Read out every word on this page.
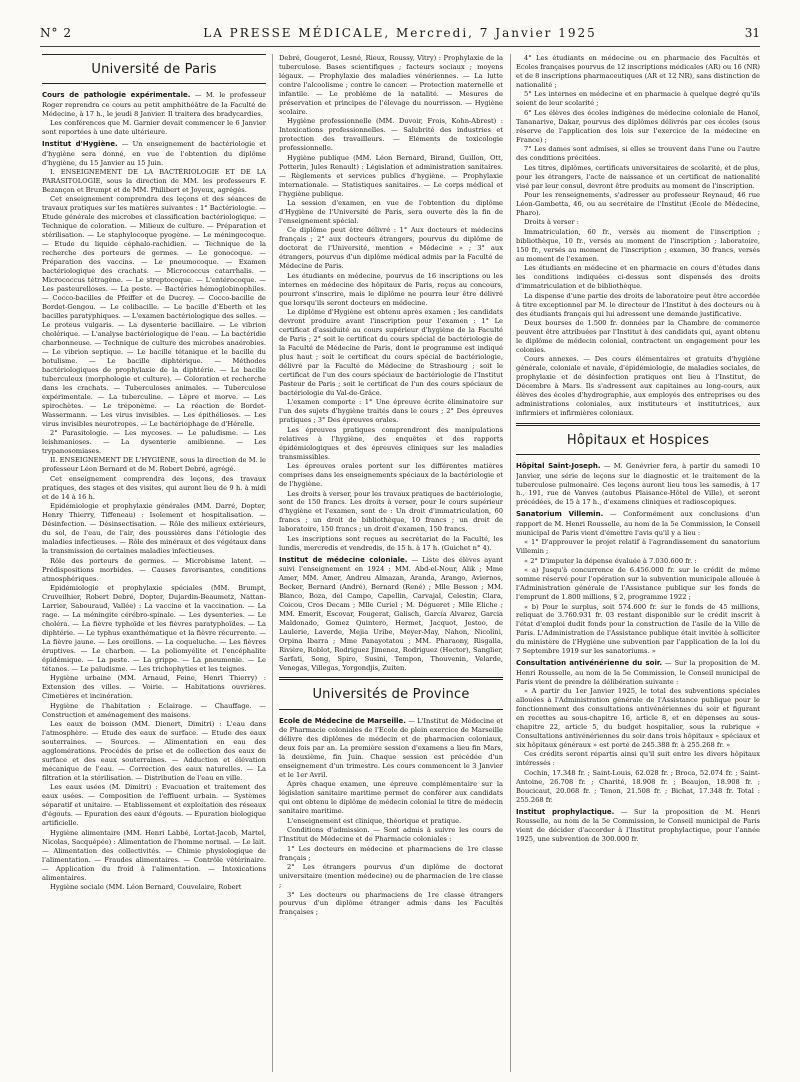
N° 2	LA PRESSE MÉDICALE, Mercredi, 7 Janvier 1925	31
Université de Paris

Cours de pathologie expérimentale. — M. le professeur Roger reprendra ce cours au petit amphithéâtre de la Faculté de Médecine, à 17 h., le jeudi 8 Janvier. Il traitera des bradycardies.

Les conférences que M. Garnier devait commencer le 6 Janvier sont reportées à une date ultérieure.

Institut d'Hygiène. — Un enseignement de bactériologie et d'hygiène sera donné, en vue de l'obtention du diplôme d'hygiène, du 15 Janvier au 15 Juin.

I. ENSEIGNEMENT DE LA BACTÉRIOLOGIE ET DE LA PARASITOLOGIE, sous la direction de MM. les professeurs F. Bezançon et Brumpt et de MM. Philibert et Joyeux, agrégés.

Cet enseignement comprendra des leçons et des séances de travaux pratiques sur les matières suivantes : 1° Bactériologie. — Etude générale des microbes et classification bactériologique. — Technique de coloration. — Milieux de culture. — Préparation et stérilisation. — Le staphylocoque pyogène. — Le méningocoque. — Etude du liquide céphalo-rachidien. — Technique de la recherche des porteurs de germes. — Le gonocoque. — Préparation des vaccins. — Le pneumocoque. — Examen bactériologique des crachats. — Micrococcus catarrhalis. — Micrococcus tétragène. — Le streptocoque. — L'entérocoque. — Les pasteurelloses. — La peste. — Bactéries hémoglobinophiles. — Cocco-bacilles de Pfeiffer et de Ducrey. — Cocco-bacille de Bordet-Gengou. — Le colibacille. — Le bacille d'Eberth et les bacilles paratyphiques. — L'examen bactériologique des selles. — Le proteus vulgaris. — La dysenterie bacillaire. — Le vibrion cholérique. — L'analyse bactériologique de l'eau. — La bactéridie charbonneuse. — Technique de culture des microbes anaérobies. — Le vibrion septique. — Le bacille tétanique et le bacille du botulisme. — Le bacille diphtérique. — Méthodes bactériologiques de prophylaxie de la diphtérie. — Le bacille tuberculeux (morphologie et culture). — Coloration et recherche dans les crachats. — Tuberculoses animales. — Tuberculose expérimentale. — La tuberculine. — Lèpre et morve. — Les spirochètes. — Le tréponème. — La réaction de Bordet-Wassermann. — Les virus invisibles. — Les épithélioses. — Les virus invisibles neurotropes. — Le bactériophage de d'Hérelle.

2° Parasitologie. — Les mycoses. — Le paludisme. — Les leishmanioses. — La dysenterie amibienne. — Les trypanosomiases.

II. ENSEIGNEMENT DE L'HYGIÈNE, sous la direction de M. le professeur Léon Bernard et de M. Robert Debré, agrégé.

Cet enseignement comprendra des leçons, des travaux pratiques, des stages et des visites, qui auront lieu de 9 h. à midi et de 14 à 16 h.

Epidémiologie et prophylaxie générales (MM. Darré, Dopter, Henry Thierry, Tiffeneau) : Isolement et hospitalisation. — Désinfection. — Désinsectisation. — Rôle des milieux extérieurs, du sol, de l'eau, de l'air, des poussières dans l'étiologie des maladies infectieuses. — Rôle des minéraux et des végétaux dans la transmission de certaines maladies infectieuses.

Rôle des porteurs de germes. — Microbisme latent. — Prédispositions morbides. — Causes favorisantes, conditions atmosphériques.

Epidémiologie et prophylaxie spéciales (MM. Brumpt, Cruveilhier, Robert Debré, Dopter, Dujardin-Beaumetz, Nattan-Larrier, Sabouraud, Vallée) : La vaccine et la vaccination. — La rage. — La méningite cérébro-spinale. — Les dysenteries. — Le choléra. — La fièvre typhoïde et les fièvres paratyphoïdes. — La diphtérie. — Le typhus exanthématique et la fièvre récurrente. — La fièvre jaune. — Les oreillons. — La coqueluche. — Les fièvres éruptives. — Le charbon. — La poliomyélite et l'encéphalite épidémique. — La peste. — La grippe. — La pneumonie. — Le tétanos. — Le paludisme. — Les trichophyties et les teignes.

Hygiène urbaine (MM. Arnaud, Feine, Henri Thierry) : Extension des villes. — Voirie. — Habitations ouvrières. Cimetières et incinération.

Hygiène de l'habitation : Eclairage. — Chauffage. — Construction et aménagement des maisons.

Les eaux de boisson (MM. Dienert, Dimitri) : L'eau dans l'atmosphère. — Etude des eaux de surface. — Etude des eaux souterraines. — Sources. — Alimentation en eau des agglomérations. Procédés de prise et de collection des eaux de surface et des eaux souterraines. — Adduction et élévation mécanique de l'eau. — Correction des eaux naturelles. — La filtration et la stérilisation. — Distribution de l'eau en ville.

Les eaux usées (M. Dimitri) : Evacuation et traitement des eaux usées. — Composition de l'effluent urbain. — Systèmes séparatif et unitaire. — Etablissement et exploitation des réseaux d'égouts. — Epuration des eaux d'égouts. — Epuration biologique artificielle.

Hygiène alimentaire (MM. Henri Labbé, Lortat-Jacob, Martel, Nicolas, Sacquépée) : Alimentation de l'homme normal. — Le lait. — Alimentation des collectivités. — Chimie physiologique de l'alimentation. — Fraudes alimentaires. — Contrôle vétérinaire. — Application du froid à l'alimentation. — Intoxications alimentaires.

Hygiène sociale (MM. Léon Bernard, Couvelaire, Robert

Debré, Gougerot, Lesné, Rieux, Roussy, Vitry) : Prophylaxie de la tuberculose. Bases scientifiques ; facteurs sociaux ; moyens légaux. — Prophylaxie des maladies vénériennes. — La lutte contre l'alcoolisme ; contre le cancer. — Protection maternelle et infantile. — Le problème de la natalité. — Mesures de préservation et principes de l'élevage du nourrisson. — Hygiène scolaire.

Hygiène professionnelle (MM. Duvoir, Frois, Kohn-Abrest) : Intoxications professionnelles. — Salubrité des industries et protection des travailleurs. — Eléments de toxicologie professionnelle.

Hygiène publique (MM. Léon Bernard, Birand, Guillon, Ott, Potterin, Jules Renault) : Législation et administration sanitaires. — Règlements et services publics d'hygiène. — Prophylaxie internationale. — Statistiques sanitaires. — Le corps médical et l'hygiène publique.

La session d'examen, en vue de l'obtention du diplôme d'Hygiène de l'Université de Paris, sera ouverte dès la fin de l'enseignement spécial.

Ce diplôme peut être délivré : 1° Aux docteurs et médecins français ; 2° aux docteurs étrangers, pourvus du diplôme de doctorat de l'Université, mention « Médecine » ; 3° aux étrangers, pourvus d'un diplôme médical admis par la Faculté de Médecine de Paris.

Les étudiants en médecine, pourvus de 16 inscriptions ou les internes en médecine des hôpitaux de Paris, reçus au concours, pourront s'inscrire, mais le diplôme ne pourra leur être délivré que lorsqu'ils seront docteurs en médecine.

Le diplôme d'Hygiène est obtenu après examen ; les candidats devront produire avant l'inscription pour l'examen : 1° Le certificat d'assiduité au cours supérieur d'hygiène de la Faculté de Paris ; 2° soit le certificat du cours spécial de bactériologie de la Faculté de Médecine de Paris, dont le programme est indiqué plus haut ; soit le certificat du cours spécial de bactériologie, délivré par la Faculté de Médecine de Strasbourg ; soit le certificat de l'un des cours spéciaux de bactériologie de l'Institut Pasteur de Paris ; soit le certificat de l'un des cours spéciaux de bactériologie du Val-de-Grâce.

L'examen comporte : 1° Une épreuve écrite éliminatoire sur l'un des sujets d'hygiène traités dans le cours ; 2° Des épreuves pratiques ; 3° Des épreuves orales.

Les épreuves pratiques comprendront des manipulations relatives à l'hygiène, des enquêtes et des rapports épidémiologiques et des épreuves cliniques sur les maladies transmissibles.

Les épreuves orales portent sur les différentes matières comprises dans les enseignements spéciaux de la bactériologie et de l'hygiène.

Les droits à verser, pour les travaux pratiques de bactériologie, sont de 150 francs. Les droits à verser, pour le cours supérieur d'hygiène et l'examen, sont de : Un droit d'immatriculation, 60 francs ; un droit de bibliothèque, 10 francs ; un droit de laboratoire, 150 francs ; un droit d'examen, 150 francs.

Les inscriptions sont reçues au secrétariat de la Faculté, les lundis, mercredis et vendredis, de 15 h. à 17 h. (Guichet n° 4).

Institut de médecine coloniale. — Liste des élèves ayant suivi l'enseignement en 1924 : MM. Abd-el-Nour, Alik ; Mme Amer, MM. Amer, Andreu Almazan, Aranda, Arango, Aviernos, Becker, Bernard (André), Bernard (René) ; Mlle Besson ; MM. Blanco, Boza, del Campo, Capellin, Carvajal, Celestin, Clara, Coicou, Cros Decam ; Mlle Curiel ; M. Dégueret ; Mlle Eliche ; MM. Emerit, Escovar, Fougerat, Galisch, García Alvarez, Garcia Maldonado, Gomez Quintero, Hermet, Jacquot, Jestoo, de Laulerie, Laverde, Mejia Uribe, Meyer-May, Nahon, Nicolini, Orpina Ibarra ; Mme Panayotatou ; MM. Pharaony, Risgalla, Rivière, Roblot, Rodriguez Jimenez, Rodriguez (Hector), Sanglier, Sarfati, Song, Spiro, Susini, Tempon, Thouvenin, Velarde, Venegas, Villegas, Yorgondjis, Zuiten.

Universités de Province

Ecole de Médecine de Marseille. — L'Institut de Médecine et de Pharmacie coloniales de l'Ecole de plein exercice de Marseille délivre des diplômes de médecin et de pharmacien coloniaux, deux fois par an. La première session d'examens a lieu fin Mars, la deuxième, fin Juin. Chaque session est précédée d'un enseignement d'un trimestre. Les cours commencent le 3 Janvier et le 1er Avril.

Après chaque examen, une épreuve complémentaire sur la législation sanitaire maritime permet de conférer aux candidats qui ont obtenu le diplôme de médecin colonial le titre de médecin sanitaire maritime.

L'enseignement est clinique, théorique et pratique.

Conditions d'admission. — Sont admis à suivre les cours de l'Institut de Médecine et de Pharmacie coloniales :

1° Les docteurs en médecine et pharmaciens de 1re classe français ;

2° Les étrangers pourvus d'un diplôme de doctorat universitaire (mention médecine) ou de pharmacien de 1re classe ;

3° Les docteurs ou pharmaciens de 1re classe étrangers pourvus d'un diplôme étranger admis dans les Facultés françaises ;

4° Les étudiants en médecine ou en pharmacie des Facultés et Ecoles françaises pourvus de 12 inscriptions médicales (AR) ou 16 (NR) et de 8 inscriptions pharmaceutiques (AR et 12 NR), sans distinction de nationalité ;

5° Les internes en médecine et en pharmacie à quelque degré qu'ils soient de leur scolarité ;

6° Les élèves des écoles indigènes de médecine coloniale de Hanoï, Tananarive, Dakar, pourvus des diplômes délivrés par ces écoles (sous réserve de l'application des lois sur l'exercice de la médecine en France) ;

7° Les dames sont admises, si elles se trouvent dans l'une ou l'autre des conditions précitées.

Les titres, diplômes, certificats universitaires de scolarité, et de plus, pour les étrangers, l'acte de naissance et un certificat de nationalité visé par leur consul, devront être produits au moment de l'inscription.

Pour les renseignements, s'adresser au professeur Reynaud, 46 rue Léon-Gambetta, 46, ou au secrétaire de l'Institut (Ecole de Médecine, Pharo).

Droits à verser :

Immatriculation, 60 fr., versés au moment de l'inscription ; bibliothèque, 10 fr., versés au moment de l'inscription ; laboratoire, 150 fr., versés au moment de l'inscription ; examen, 30 francs, versés au moment de l'examen.

Les étudiants en médecine et en pharmacie en cours d'études dans les conditions indiquées ci-dessus sont dispensés des droits d'immatriculation et de bibliothèque.

La dispense d'une partie des droits de laboratoire peut être accordée à titre exceptionnel par M. le directeur de l'Institut à des docteurs ou à des étudiants français qui lui adressent une demande justificative.

Deux bourses de 1.500 fr. données par la Chambre de commerce peuvent être attribuées par l'Institut à des candidats qui, ayant obtenu le diplôme de médecin colonial, contractent un engagement pour les colonies.

Cours annexes. — Des cours élémentaires et gratuits d'hygiène générale, coloniale et navale, d'épidémiologie, de maladies sociales, de prophylaxie et de désinfection pratiques ont lieu à l'Institut, de Décembre à Mars. Ils s'adressent aux capitaines au long-cours, aux élèves des écoles d'hydrographie, aux employés des entreprises ou des administrations coloniales, aux instituteurs et institutrices, aux infirmiers et infirmières coloniaux.

Hôpitaux et Hospices

Hôpital Saint-Joseph. — M. Genévrier fera, à partir du samedi 10 Janvier, une série de leçons sur le diagnostic et le traitement de la tuberculose pulmonaire. Ces leçons auront lieu tous les samedis, à 17 h., 191, rue de Vanves (autobus Plaisance-Hôtel de Ville), et seront précédées, de 15 à 17 h., d'examens cliniques et radioscopiques.

Sanatorium Villemin. — Conformément aux conclusions d'un rapport de M. Henri Rousselle, au nom de la 5e Commission, le Conseil municipal de Paris vient d'émettre l'avis qu'il y a lieu :

« 1° D'approuver le projet relatif à l'agrandissement du sanatorium Villemin ;

« 2° D'imputer la dépense évaluée à 7.030.600 fr. :

« a) Jusqu'à concurrence de 6.456.000 fr. sur le crédit de même somme réservé pour l'opération sur la subvention municipale allouée à l'Administration générale de l'Assistance publique sur les fonds de l'emprunt de 1.800 millions, § 2, programme 1922 ;

« b) Pour le surplus, soit 574.600 fr. sur le fonds de 45 millions, reliquat de 3.760.931 fr. 03 restant disponible sur le crédit inscrit à l'état d'emploi dudit fonds pour la construction de l'asile de la Ville de Paris. L'Administration de l'Assistance publique était invitée à solliciter du ministère de l'Hygiène une subvention par l'application de la loi du 7 Septembre 1919 sur les sanatoriums. »

Consultation antivénérienne du soir. — Sur la proposition de M. Henri Rousselle, au nom de la 5e Commission, le Conseil municipal de Paris vient de prendre la délibération suivante :

« A partir du 1er Janvier 1925, le total des subventions spéciales allouées à l'Administration générale de l'Assistance publique pour le fonctionnement des consultations antivénériennes du soir et figurant en recettes au sous-chapitre 16, article 8, et en dépenses au sous-chapitre 22, article 5, du budget hospitalier, sous la rubrique « Consultations antivénériennes du soir dans trois hôpitaux » spéciaux et six hôpitaux généraux » est porté de 245.388 fr. à 255.268 fr. »

Ces crédits seront répartis ainsi qu'il suit entre les divers hôpitaux intéressés :

Cochin, 17.348 fr. ; Saint-Louis, 62.028 fr. ; Broca, 52.074 fr. ; Saint-Antoine, 26.708 fr. ; Charité, 18.908 fr. ; Beaujon, 18.908 fr. ; Boucicaut, 20.068 fr. ; Tenon, 21.508 fr. ; Bichat, 17.348 fr. Total : 255.268 fr.

Institut prophylactique. — Sur la proposition de M. Henri Rousselle, au nom de la 5e Commission, le Conseil municipal de Paris vient de décider d'accorder à l'Institut prophylactique, pour l'année 1925, une subvention de 300.000 fr.
